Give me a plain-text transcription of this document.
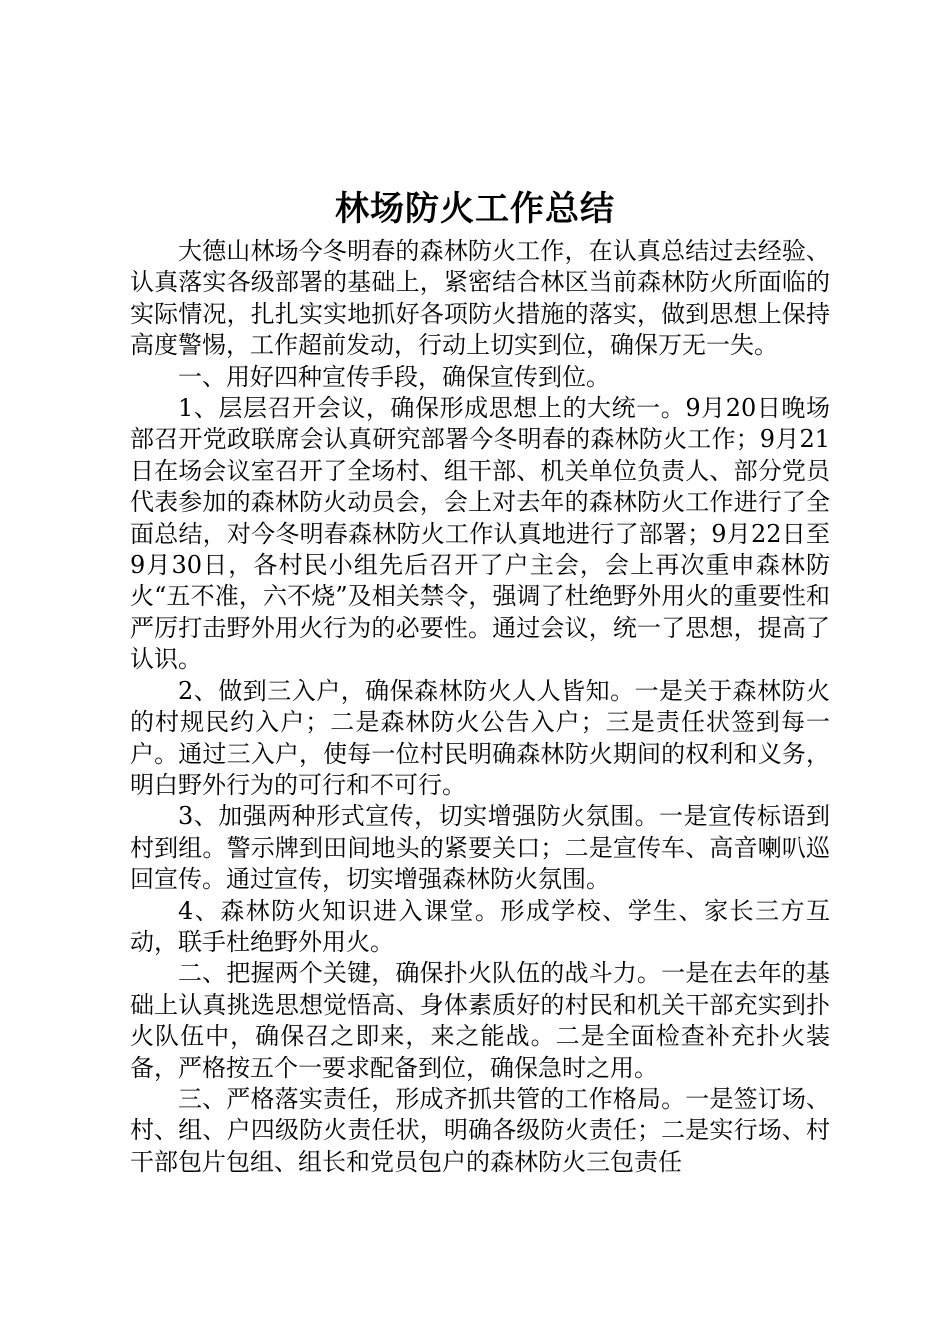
林场防火工作总结

大德山林场今冬明春的森林防火工作，在认真总结过去经验、认真落实各级部署的基础上，紧密结合林区当前森林防火所面临的实际情况，扎扎实实地抓好各项防火措施的落实，做到思想上保持高度警惕，工作超前发动，行动上切实到位，确保万无一失。

一、用好四种宣传手段，确保宣传到位。

1、层层召开会议，确保形成思想上的大统一。9月20日晚场部召开党政联席会认真研究部署今冬明春的森林防火工作；9月21日在场会议室召开了全场村、组干部、机关单位负责人、部分党员代表参加的森林防火动员会，会上对去年的森林防火工作进行了全面总结，对今冬明春森林防火工作认真地进行了部署；9月22日至9月30日，各村民小组先后召开了户主会，会上再次重申森林防火“五不准，六不烧”及相关禁令，强调了杜绝野外用火的重要性和严厉打击野外用火行为的必要性。通过会议，统一了思想，提高了认识。

2、做到三入户，确保森林防火人人皆知。一是关于森林防火的村规民约入户；二是森林防火公告入户；三是责任状签到每一户。通过三入户，使每一位村民明确森林防火期间的权利和义务，明白野外行为的可行和不可行。

3、加强两种形式宣传，切实增强防火氛围。一是宣传标语到村到组。警示牌到田间地头的紧要关口；二是宣传车、高音喇叭巡回宣传。通过宣传，切实增强森林防火氛围。

4、森林防火知识进入课堂。形成学校、学生、家长三方互动，联手杜绝野外用火。

二、把握两个关键，确保扑火队伍的战斗力。一是在去年的基础上认真挑选思想觉悟高、身体素质好的村民和机关干部充实到扑火队伍中，确保召之即来，来之能战。二是全面检查补充扑火装备，严格按五个一要求配备到位，确保急时之用。

三、严格落实责任，形成齐抓共管的工作格局。一是签订场、村、组、户四级防火责任状，明确各级防火责任；二是实行场、村干部包片包组、组长和党员包户的森林防火三包责任
